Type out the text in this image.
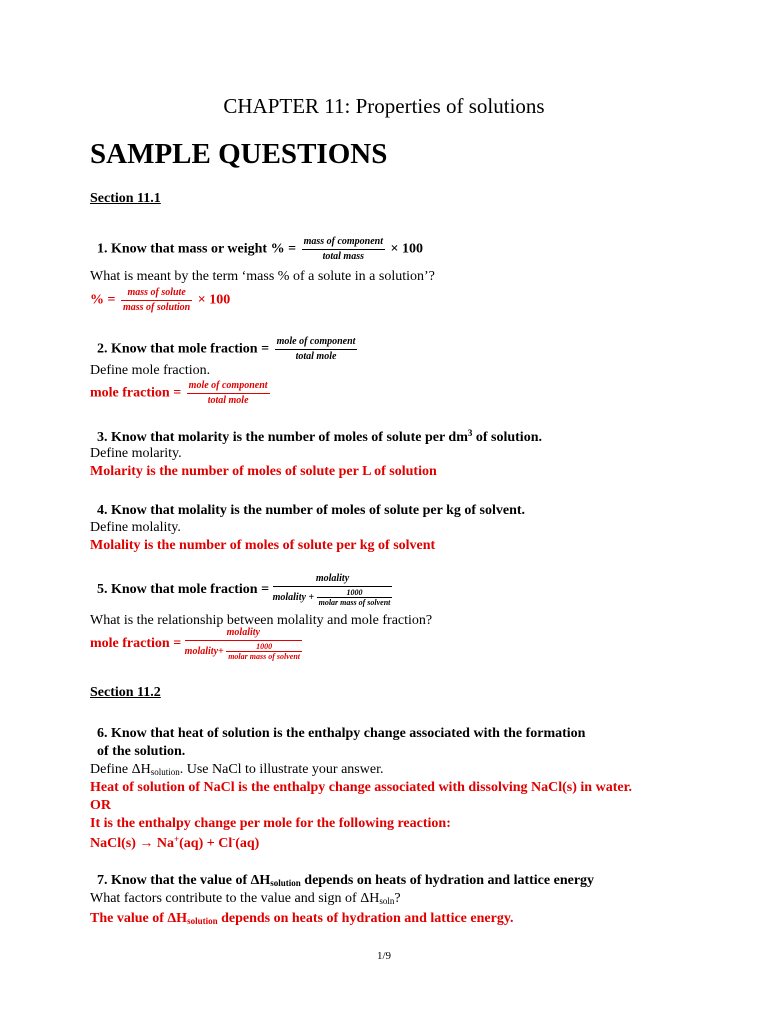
CHAPTER 11: Properties of solutions
SAMPLE QUESTIONS
Section 11.1
1. Know that mass or weight % = $\frac{\text{mass of component}}{\text{total mass}} \times 100$
What is meant by the term ‘mass % of a solute in a solution’?
% = $\frac{\text{mass of solute}}{\text{mass of solution}} \times 100$
2. Know that mole fraction = $\frac{\text{mole of component}}{\text{total mole}}$
Define mole fraction.
mole fraction = $\frac{\text{mole of component}}{\text{total mole}}$
3. Know that molarity is the number of moles of solute per $dm^3$ of solution.
Define molarity.
Molarity is the number of moles of solute per L of solution
4. Know that molality is the number of moles of solute per kg of solvent.
Define molality.
Molality is the number of moles of solute per kg of solvent
5. Know that mole fraction =
molality
molality +	1000
molar mass of solvent
What is the relationship between molality and mole fraction?
mole fraction =
molality
molality+	1000
molar mass of solvent
Section 11.2
6. Know that heat of solution is the enthalpy change associated with the formation
of the solution.
Define $\Delta H_{solution}$. Use NaCl to illustrate your answer.
Heat of solution of NaCl is the enthalpy change associated with dissolving NaCl(s) in water.
OR
It is the enthalpy change per mole for the following reaction:
NaCl(s) → Na+(aq) + Cl-(aq)
7. Know that the value of $\Delta H_{solution}$ depends on heats of hydration and lattice energy
What factors contribute to the value and sign of $\Delta H_{soln}$?
The value of $\Delta H_{solution}$ depends on heats of hydration and lattice energy.
1/9
